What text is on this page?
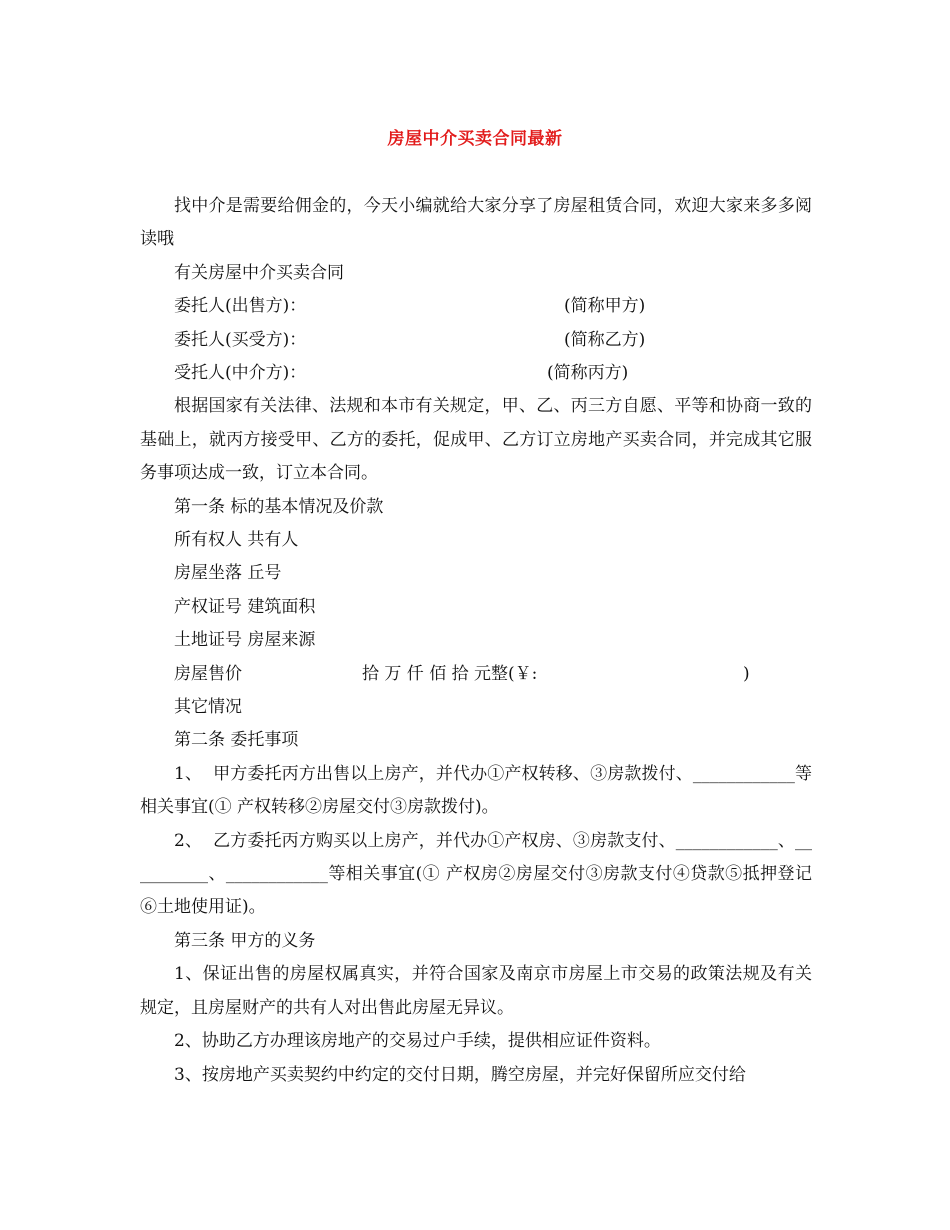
房屋中介买卖合同最新

找中介是需要给佣金的，今天小编就给大家分享了房屋租赁合同，欢迎大家来多多阅读哦

有关房屋中介买卖合同

委托人(出售方)：	(简称甲方)
委托人(买受方)：	(简称乙方)
受托人(中介方)：	(简称丙方)

根据国家有关法律、法规和本市有关规定，甲、乙、丙三方自愿、平等和协商一致的基础上，就丙方接受甲、乙方的委托，促成甲、乙方订立房地产买卖合同，并完成其它服务事项达成一致，订立本合同。

第一条 标的基本情况及价款

所有权人 共有人

房屋坐落 丘号

产权证号 建筑面积

土地证号 房屋来源

房屋售价	拾 万 仟 佰 拾 元整(￥:	)

其它情况

第二条 委托事项

1、  甲方委托丙方出售以上房产，并代办①产权转移、③房款拨付、____________等相关事宜(① 产权转移②房屋交付③房款拨付)。

2、  乙方委托丙方购买以上房产，并代办①产权房、③房款支付、____________、__________、____________等相关事宜(① 产权房②房屋交付③房款支付④贷款⑤抵押登记⑥土地使用证)。

第三条 甲方的义务

1、保证出售的房屋权属真实，并符合国家及南京市房屋上市交易的政策法规及有关规定，且房屋财产的共有人对出售此房屋无异议。

2、协助乙方办理该房地产的交易过户手续，提供相应证件资料。

3、按房地产买卖契约中约定的交付日期，腾空房屋，并完好保留所应交付给
